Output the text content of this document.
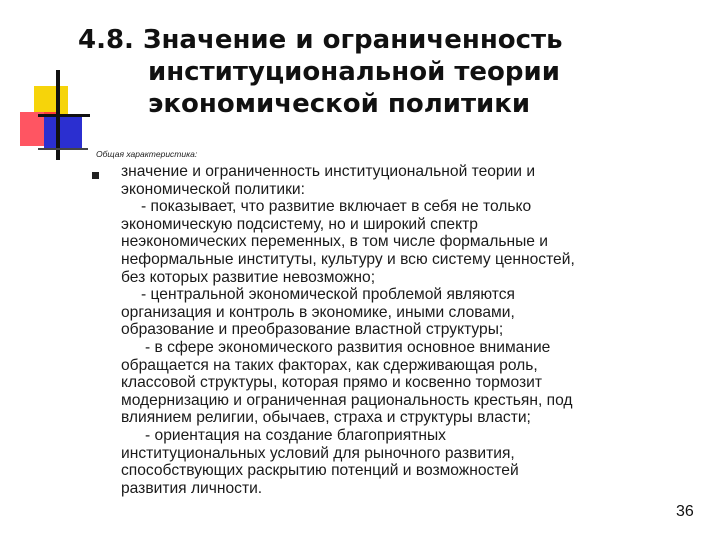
4.8. Значение и ограниченность
институциональной теории
экономической политики
Общая характеристика:

значение и ограниченность институциональной теории и

экономической политики:

- показывает, что развитие включает в себя не только

экономическую подсистему, но и широкий спектр

неэкономических переменных, в том числе формальные и

неформальные институты, культуру и всю систему ценностей,

без которых развитие невозможно;

- центральной экономической проблемой являются

организация и контроль в экономике, иными словами,

образование и преобразование властной структуры;

- в сфере экономического развития основное внимание

обращается на таких факторах, как сдерживающая роль,

классовой структуры, которая прямо и косвенно тормозит

модернизацию и ограниченная рациональность крестьян, под

влиянием религии, обычаев, страха и структуры власти;

- ориентация на создание благоприятных

институциональных условий для рыночного развития,

способствующих раскрытию потенций и возможностей

развития личности.

36
